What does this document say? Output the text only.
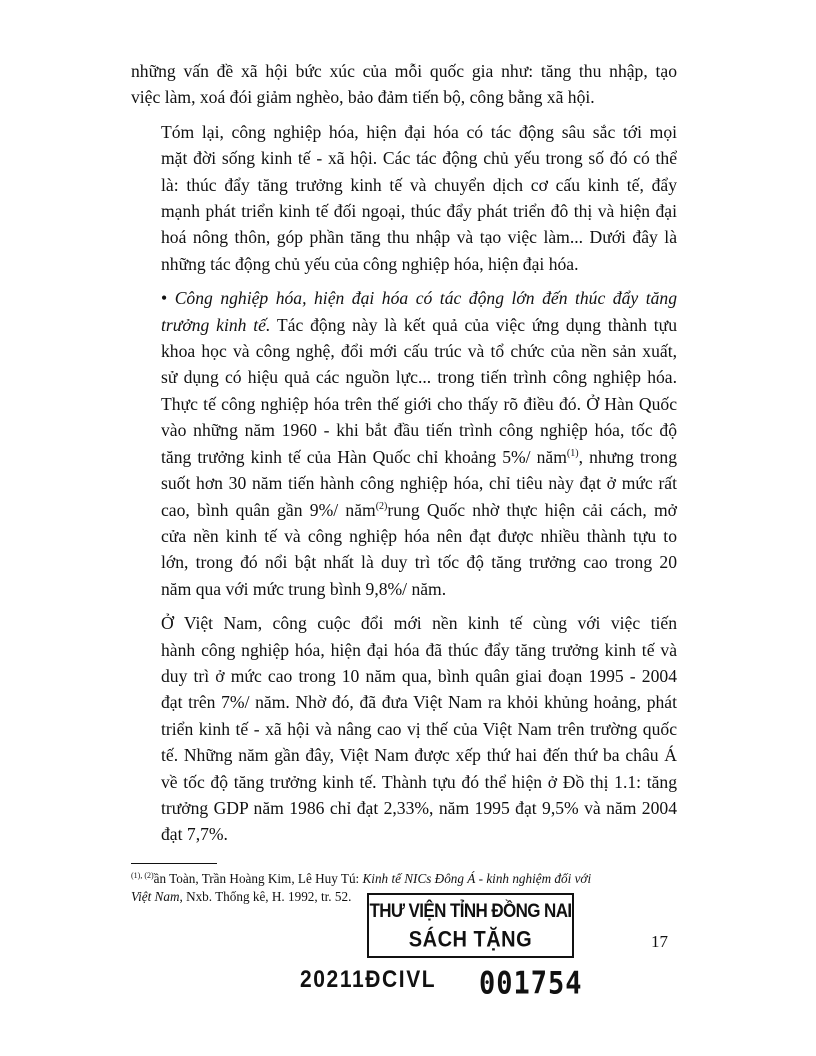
những vấn đề xã hội bức xúc của mỗi quốc gia như: tăng thu nhập, tạo
việc làm, xoá đói giảm nghèo, bảo đảm tiến bộ, công bằng xã hội.

Tóm lại, công nghiệp hóa, hiện đại hóa có tác động sâu sắc tới mọi
mặt đời sống kinh tế - xã hội. Các tác động chủ yếu trong số đó có thể
là: thúc đẩy tăng trưởng kinh tế và chuyển dịch cơ cấu kinh tế, đẩy
mạnh phát triển kinh tế đối ngoại, thúc đẩy phát triển đô thị và hiện đại
hoá nông thôn, góp phần tăng thu nhập và tạo việc làm... Dưới đây là
những tác động chủ yếu của công nghiệp hóa, hiện đại hóa.

• Công nghiệp hóa, hiện đại hóa có tác động lớn đến thúc đẩy tăng
trưởng kinh tế. Tác động này là kết quả của việc ứng dụng thành tựu
khoa học và công nghệ, đổi mới cấu trúc và tổ chức của nền sản xuất,
sử dụng có hiệu quả các nguồn lực... trong tiến trình công nghiệp hóa.
Thực tế công nghiệp hóa trên thế giới cho thấy rõ điều đó. Ở Hàn Quốc
vào những năm 1960 - khi bắt đầu tiến trình công nghiệp hóa, tốc độ
tăng trưởng kinh tế của Hàn Quốc chỉ khoảng 5%/ năm$^{(1)}$, nhưng trong
suốt hơn 30 năm tiến hành công nghiệp hóa, chỉ tiêu này đạt ở mức rất
cao, bình quân gần 9%/ năm$^{(2)}$rung Quốc nhờ thực hiện cải cách, mở
cửa nền kinh tế và công nghiệp hóa nên đạt được nhiều thành tựu to
lớn, trong đó nổi bật nhất là duy trì tốc độ tăng trưởng cao trong 20
năm qua với mức trung bình 9,8%/ năm.

Ở Việt Nam, công cuộc đổi mới nền kinh tế cùng với việc tiến
hành công nghiệp hóa, hiện đại hóa đã thúc đẩy tăng trưởng kinh tế và
duy trì ở mức cao trong 10 năm qua, bình quân giai đoạn 1995 - 2004
đạt trên 7%/ năm. Nhờ đó, đã đưa Việt Nam ra khỏi khủng hoảng, phát
triển kinh tế - xã hội và nâng cao vị thế của Việt Nam trên trường quốc
tế. Những năm gần đây, Việt Nam được xếp thứ hai đến thứ ba châu Á
về tốc độ tăng trưởng kinh tế. Thành tựu đó thể hiện ở Đồ thị 1.1: tăng
trưởng GDP năm 1986 chỉ đạt 2,33%, năm 1995 đạt 9,5% và năm 2004
đạt 7,7%.

$^{(1), (2)}$ần Toàn, Trần Hoàng Kim, Lê Huy Tú: Kinh tế NICs Đông Á - kinh nghiệm đối với
Việt Nam, Nxb. Thống kê, H. 1992, tr. 52.
THƯ VIỆN TỈNH ĐỒNG NAI
SÁCH TẶNG	17
20211ĐCIVL 001754
